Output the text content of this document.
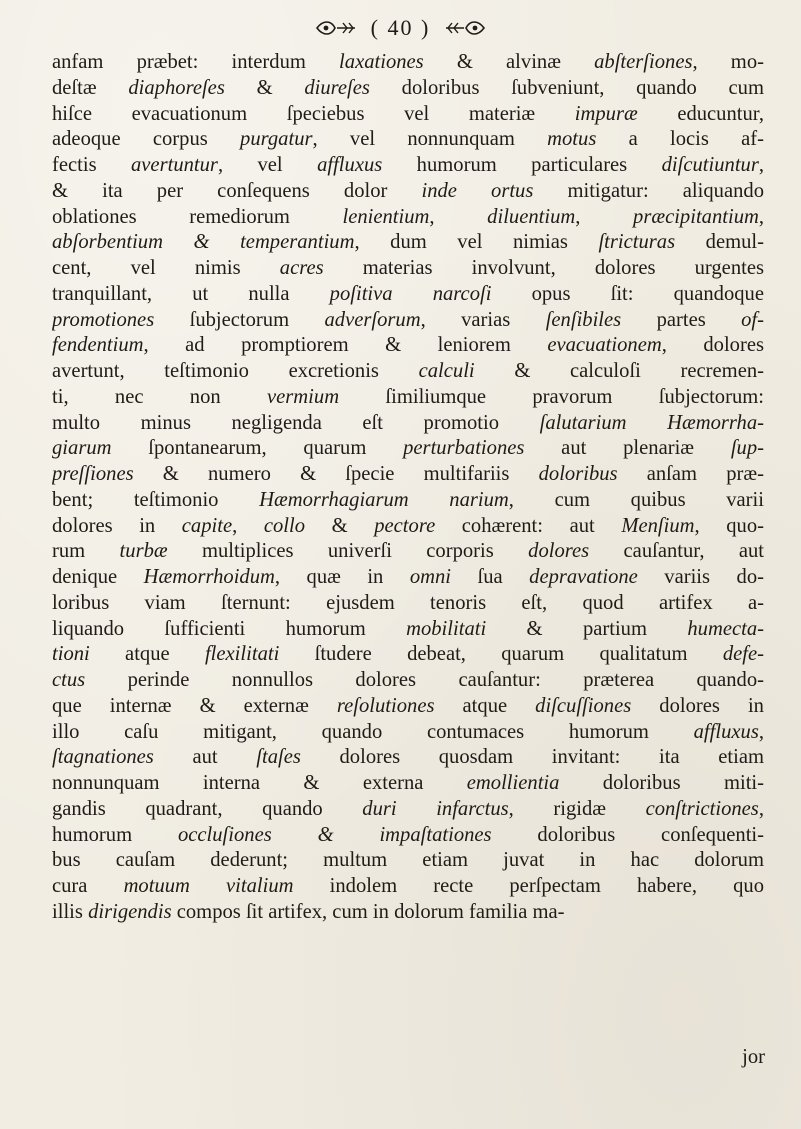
( 40 )
anfam præbet: interdum laxationes & alvinæ abſterſiones, mo-
deſtæ diaphoreſes & diureſes doloribus ſubveniunt, quando cum
hiſce evacuationum ſpeciebus vel materiæ impuræ educuntur,
adeoque corpus purgatur, vel nonnunquam motus a locis af-
fectis avertuntur, vel affluxus humorum particulares diſcutiuntur,
& ita per conſequens dolor inde ortus mitigatur: aliquando
oblationes remediorum lenientium, diluentium, præcipitantium,
abſorbentium & temperantium, dum vel nimias ſtricturas demul-
cent, vel nimis acres materias involvunt, dolores urgentes
tranquillant, ut nulla poſitiva narcoſi opus ſit: quandoque
promotiones ſubjectorum adverſorum, varias ſenſibiles partes of-
fendentium, ad promptiorem & leniorem evacuationem, dolores
avertunt, teſtimonio excretionis calculi & calculoſi recremen-
ti, nec non vermium ſimiliumque pravorum ſubjectorum:
multo minus negligenda eſt promotio ſalutarium Hæmorrha-
giarum ſpontanearum, quarum perturbationes aut plenariæ ſup-
preſſiones & numero & ſpecie multifariis doloribus anſam præ-
bent; teſtimonio Hæmorrhagiarum narium, cum quibus varii
dolores in capite, collo & pectore cohærent: aut Menſium, quo-
rum turbæ multiplices univerſi corporis dolores cauſantur, aut
denique Hæmorrhoidum, quæ in omni ſua depravatione variis do-
loribus viam ſternunt: ejusdem tenoris eſt, quod artifex a-
liquando ſufficienti humorum mobilitati & partium humecta-
tioni atque flexilitati ſtudere debeat, quarum qualitatum defe-
ctus perinde nonnullos dolores cauſantur: præterea quando-
que internæ & externæ reſolutiones atque diſcuſſiones dolores in
illo caſu mitigant, quando contumaces humorum affluxus,
ſtagnationes aut ſtaſes dolores quosdam invitant: ita etiam
nonnunquam interna & externa emollientia doloribus miti-
gandis quadrant, quando duri infarctus, rigidæ conſtrictiones,
humorum occluſiones & impaſtationes doloribus conſequenti-
bus cauſam dederunt; multum etiam juvat in hac dolorum
cura motuum vitalium indolem recte perſpectam habere, quo
illis dirigendis compos ſit artifex, cum in dolorum familia ma-
jor
